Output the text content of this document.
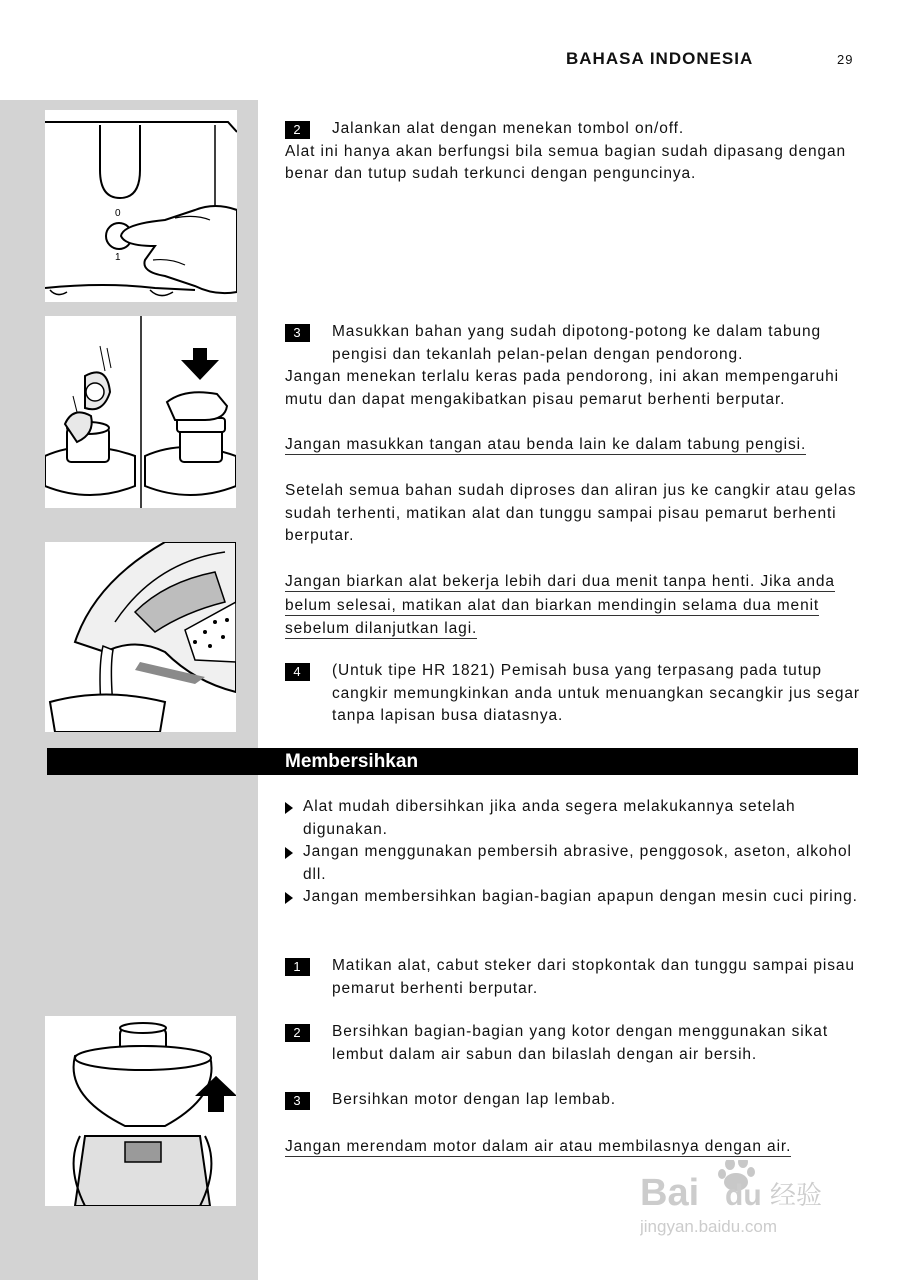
BAHASA INDONESIA	29
0
1
2	Jalankan alat dengan menekan tombol on/off.
Alat ini hanya akan berfungsi bila semua bagian sudah dipasang dengan benar dan tutup sudah terkunci dengan penguncinya.
3	Masukkan bahan yang sudah dipotong-potong ke dalam tabung pengisi dan tekanlah pelan-pelan dengan pendorong.
Jangan menekan terlalu keras pada pendorong, ini akan mempengaruhi mutu dan dapat mengakibatkan pisau pemarut berhenti berputar.
Jangan masukkan tangan atau benda lain ke dalam tabung pengisi.
Setelah semua bahan sudah diproses dan aliran jus ke cangkir atau gelas sudah terhenti, matikan alat dan tunggu sampai pisau pemarut berhenti berputar.
Jangan biarkan alat bekerja lebih dari dua menit tanpa henti. Jika anda belum selesai, matikan alat dan biarkan mendingin selama dua menit sebelum dilanjutkan lagi.
4	(Untuk tipe HR 1821) Pemisah busa yang terpasang pada tutup cangkir memungkinkan anda untuk menuangkan secangkir jus segar tanpa lapisan busa diatasnya.
Membersihkan
Alat mudah dibersihkan jika anda segera melakukannya setelah digunakan.
Jangan menggunakan pembersih abrasive, penggosok, aseton, alkohol dll.
Jangan membersihkan bagian-bagian apapun dengan mesin cuci piring.
1	Matikan alat, cabut steker dari stopkontak dan tunggu sampai pisau pemarut berhenti berputar.
2	Bersihkan bagian-bagian yang kotor dengan menggunakan sikat lembut dalam air sabun dan bilaslah dengan air bersih.
3	Bersihkan motor dengan lap lembab.
Jangan merendam motor dalam air atau membilasnya dengan air.
Bai du 经验
jingyan.baidu.com
